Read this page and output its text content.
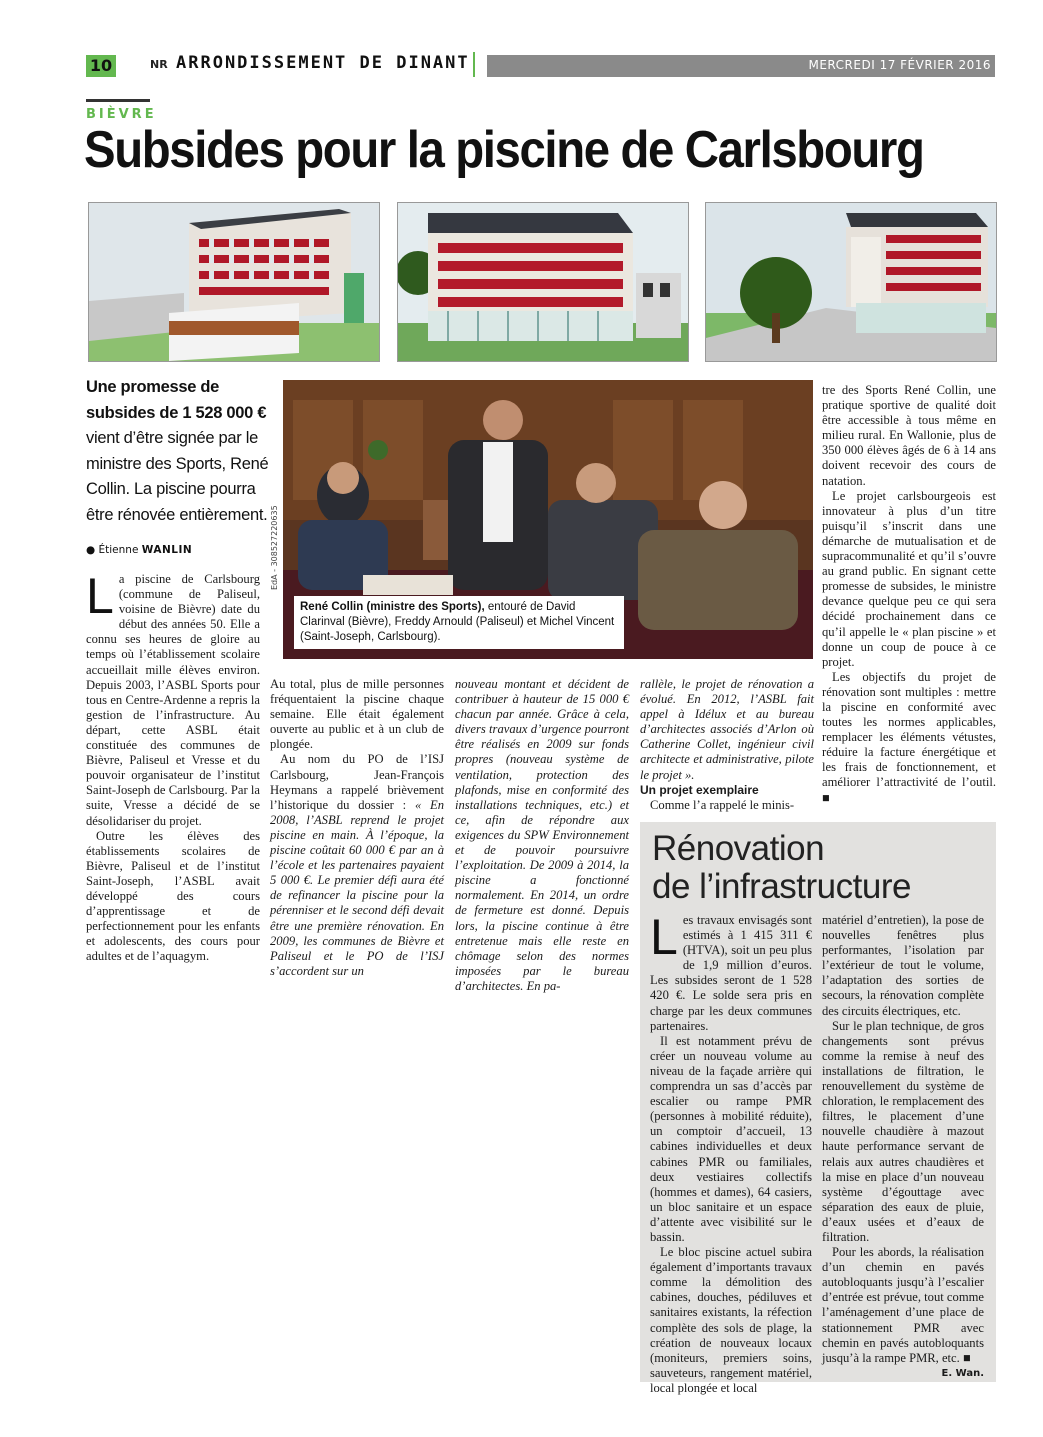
10	NR ARRONDISSEMENT DE DINANT	MERCREDI 17 FÉVRIER 2016
BIÈVRE
Subsides pour la piscine de Carlsbourg
Une promesse de subsides de 1 528 000 € vient d’être signée par le ministre des Sports, René Collin. La piscine pourra être rénovée entièrement.
● Étienne WANLIN	EdA - 308527220635
René Collin (ministre des Sports), entouré de David Clarinval (Bièvre), Freddy Arnould (Paliseul) et Michel Vincent (Saint-Joseph, Carlsbourg).

La piscine de Carlsbourg (commune de Paliseul, voisine de Bièvre) date du début des années 50. Elle a connu ses heures de gloire au temps où l’établissement scolaire accueillait mille élèves environ. Depuis 2003, l’ASBL Sports pour tous en Centre-Ardenne a repris la gestion de l’infrastructure. Au départ, cette ASBL était constituée des communes de Bièvre, Paliseul et Vresse et du pouvoir organisateur de l’institut Saint-Joseph de Carlsbourg. Par la suite, Vresse a décidé de se désolidariser du projet.

Outre les élèves des établissements scolaires de Bièvre, Paliseul et de l’institut Saint-Joseph, l’ASBL avait développé des cours d’apprentissage et de perfectionnement pour les enfants et adolescents, des cours pour adultes et de l’aquagym.

Au total, plus de mille personnes fréquentaient la piscine chaque semaine. Elle était également ouverte au public et à un club de plongée.

Au nom du PO de l’ISJ Carlsbourg, Jean-François Heymans a rappelé brièvement l’historique du dossier : « En 2008, l’ASBL reprend le projet piscine en main. À l’époque, la piscine coûtait 60 000 € par an à l’école et les partenaires payaient 5 000 €. Le premier défi aura été de refinancer la piscine pour la pérenniser et le second défi devait être une première rénovation. En 2009, les communes de Bièvre et Paliseul et le PO de l’ISJ s’accordent sur un

nouveau montant et décident de contribuer à hauteur de 15 000 € chacun par année. Grâce à cela, divers travaux d’urgence pourront être réalisés en 2009 sur fonds propres (nouveau système de ventilation, protection des plafonds, mise en conformité des installations techniques, etc.) et ce, afin de répondre aux exigences du SPW Environnement et de pouvoir poursuivre l’exploitation. De 2009 à 2014, la piscine a fonctionné normalement. En 2014, un ordre de fermeture est donné. Depuis lors, la piscine continue à être entretenue mais elle reste en chômage selon des normes imposées par le bureau d’architectes. En pa-

rallèle, le projet de rénovation a évolué. En 2012, l’ASBL fait appel à Idélux et au bureau d’architectes associés d’Arlon où Catherine Collet, ingénieur civil architecte et administrative, pilote le projet ».

Un projet exemplaire

Comme l’a rappelé le minis-

tre des Sports René Collin, une pratique sportive de qualité doit être accessible à tous même en milieu rural. En Wallonie, plus de 350 000 élèves âgés de 6 à 14 ans doivent recevoir des cours de natation.

Le projet carlsbourgeois est innovateur à plus d’un titre puisqu’il s’inscrit dans une démarche de mutualisation et de supracommunalité et qu’il s’ouvre au grand public. En signant cette promesse de subsides, le ministre devance quelque peu ce qui sera décidé prochainement dans ce qu’il appelle le « plan piscine » et donne un coup de pouce à ce projet.

Les objectifs du projet de rénovation sont multiples : mettre la piscine en conformité avec toutes les normes applicables, remplacer les éléments vétustes, réduire la facture énergétique et les frais de fonctionnement, et améliorer l’attractivité de l’outil. ■

Rénovation
de l’infrastructure

Les travaux envisagés sont estimés à 1 415 311 € (HTVA), soit un peu plus de 1,9 million d’euros. Les subsides seront de 1 528 420 €. Le solde sera pris en charge par les deux communes partenaires.

Il est notamment prévu de créer un nouveau volume au niveau de la façade arrière qui comprendra un sas d’accès par escalier ou rampe PMR (personnes à mobilité réduite), un comptoir d’accueil, 13 cabines individuelles et deux cabines PMR ou familiales, deux vestiaires collectifs (hommes et dames), 64 casiers, un bloc sanitaire et un espace d’attente avec visibilité sur le bassin.

Le bloc piscine actuel subira également d’importants travaux comme la démolition des cabines, douches, pédiluves et sanitaires existants, la réfection complète des sols de plage, la création de nouveaux locaux (moniteurs, premiers soins, sauveteurs, rangement matériel, local plongée et local

matériel d’entretien), la pose de nouvelles fenêtres plus performantes, l’isolation par l’extérieur de tout le volume, l’adaptation des sorties de secours, la rénovation complète des circuits électriques, etc.

Sur le plan technique, de gros changements sont prévus comme la remise à neuf des installations de filtration, le renouvellement du système de chloration, le remplacement des filtres, le placement d’une nouvelle chaudière à mazout haute performance servant de relais aux autres chaudières et la mise en place d’un nouveau système d’égouttage avec séparation des eaux de pluie, d’eaux usées et d’eaux de filtration.

Pour les abords, la réalisation d’un chemin en pavés autobloquants jusqu’à l’escalier d’entrée est prévue, tout comme l’aménagement d’une place de stationnement PMR avec chemin en pavés autobloquants jusqu’à la rampe PMR, etc. ■

E. Wan.
